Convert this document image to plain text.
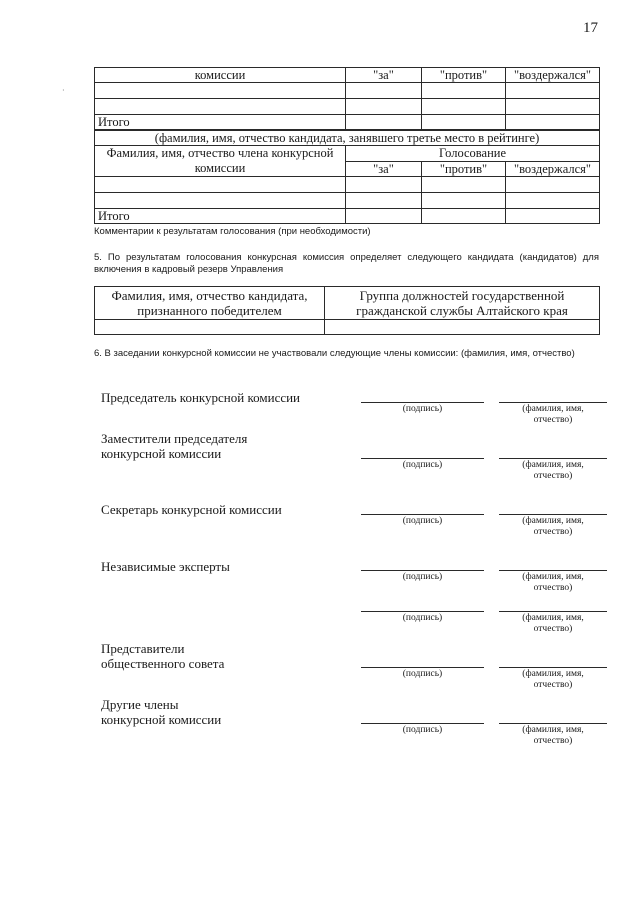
17
·
комиссии	"за"	"против"	"воздержался"

Итого			
(фамилия, имя, отчество кандидата, занявшего третье место в рейтинге)			
Фамилия, имя, отчество члена конкурсной
комиссии	Голосование		
	"за"	"против"	"воздержался"

Итого			
Комментарии к результатам голосования (при необходимости)
5. По результатам голосования конкурсная комиссия определяет следующего кандидата (кандидатов) для включения в кадровый резерв Управления
Фамилия, имя, отчество кандидата,
признанного победителем	Группа должностей государственной
гражданской службы Алтайского края

6. В заседании конкурсной комиссии не участвовали следующие члены комиссии: (фамилия, имя, отчество)
Председатель конкурсной комиссии
(подпись)	(фамилия, имя,
отчество)
Заместители председателя
конкурсной комиссии
(подпись)	(фамилия, имя,
отчество)
Секретарь конкурсной комиссии
(подпись)	(фамилия, имя,
отчество)
Независимые эксперты
(подпись)	(фамилия, имя,
отчество)
(подпись)	(фамилия, имя,
отчество)
Представители
общественного совета
(подпись)	(фамилия, имя,
отчество)
Другие члены
конкурсной комиссии
(подпись)	(фамилия, имя,
отчество)
